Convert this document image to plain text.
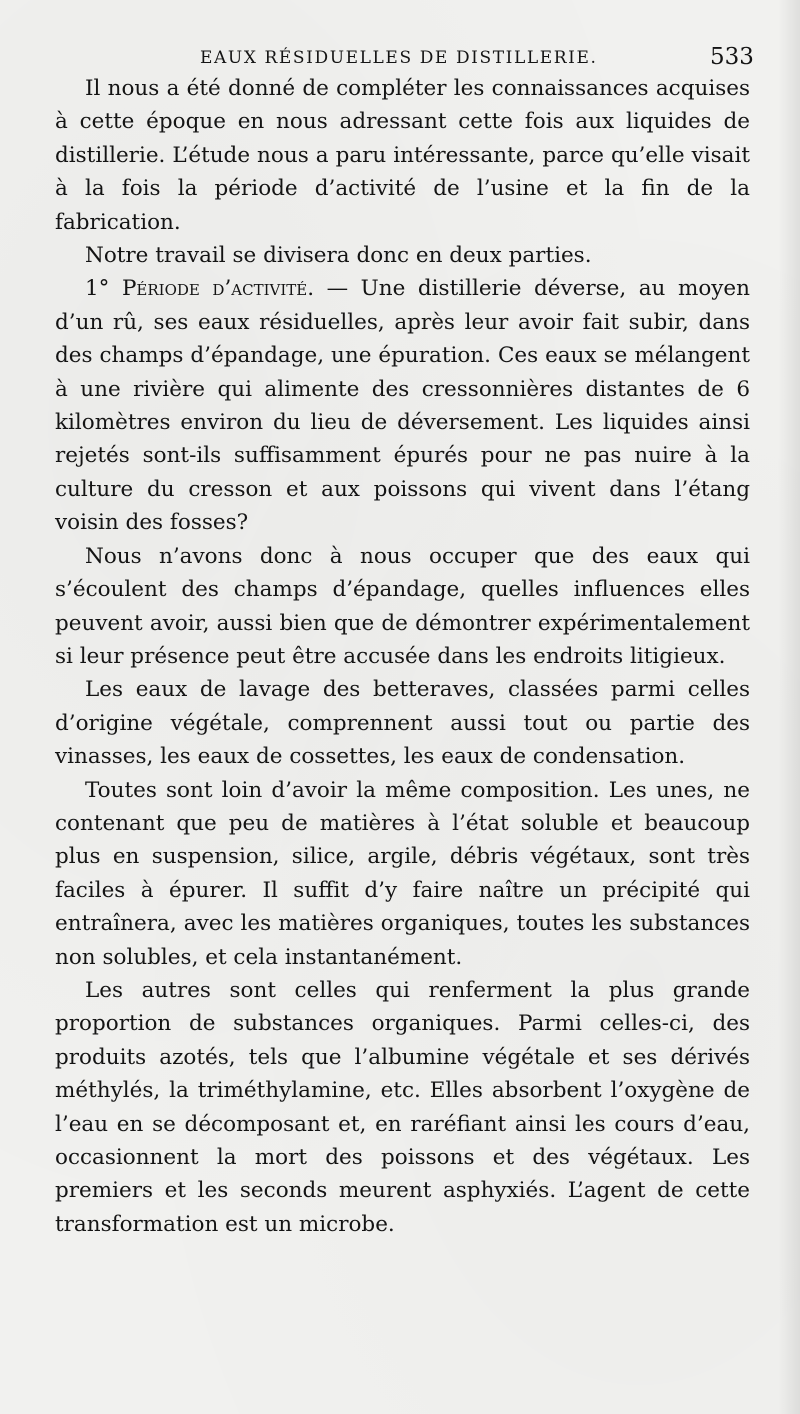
EAUX RÉSIDUELLES DE DISTILLERIE.	533

Il nous a été donné de compléter les connaissances acquises à cette époque en nous adressant cette fois aux liquides de distillerie. L’étude nous a paru intéressante, parce qu’elle visait à la fois la période d’activité de l’usine et la fin de la fabrication.

Notre travail se divisera donc en deux parties.

1° Période d’activité. — Une distillerie déverse, au moyen d’un rû, ses eaux résiduelles, après leur avoir fait subir, dans des champs d’épandage, une épuration. Ces eaux se mélangent à une rivière qui alimente des cressonnières distantes de 6 kilomètres environ du lieu de déversement. Les liquides ainsi rejetés sont-ils suffisamment épurés pour ne pas nuire à la culture du cresson et aux poissons qui vivent dans l’étang voisin des fosses?

Nous n’avons donc à nous occuper que des eaux qui s’écoulent des champs d’épandage, quelles influences elles peuvent avoir, aussi bien que de démontrer expérimentalement si leur présence peut être accusée dans les endroits litigieux.

Les eaux de lavage des betteraves, classées parmi celles d’origine végétale, comprennent aussi tout ou partie des vinasses, les eaux de cossettes, les eaux de condensation.

Toutes sont loin d’avoir la même composition. Les unes, ne contenant que peu de matières à l’état soluble et beaucoup plus en suspension, silice, argile, débris végétaux, sont très faciles à épurer. Il suffit d’y faire naître un précipité qui entraînera, avec les matières organiques, toutes les substances non solubles, et cela instantanément.

Les autres sont celles qui renferment la plus grande proportion de substances organiques. Parmi celles-ci, des produits azotés, tels que l’albumine végétale et ses dérivés méthylés, la triméthylamine, etc. Elles absorbent l’oxygène de l’eau en se décomposant et, en raréfiant ainsi les cours d’eau, occasionnent la mort des poissons et des végétaux. Les premiers et les seconds meurent asphyxiés. L’agent de cette transformation est un microbe.
